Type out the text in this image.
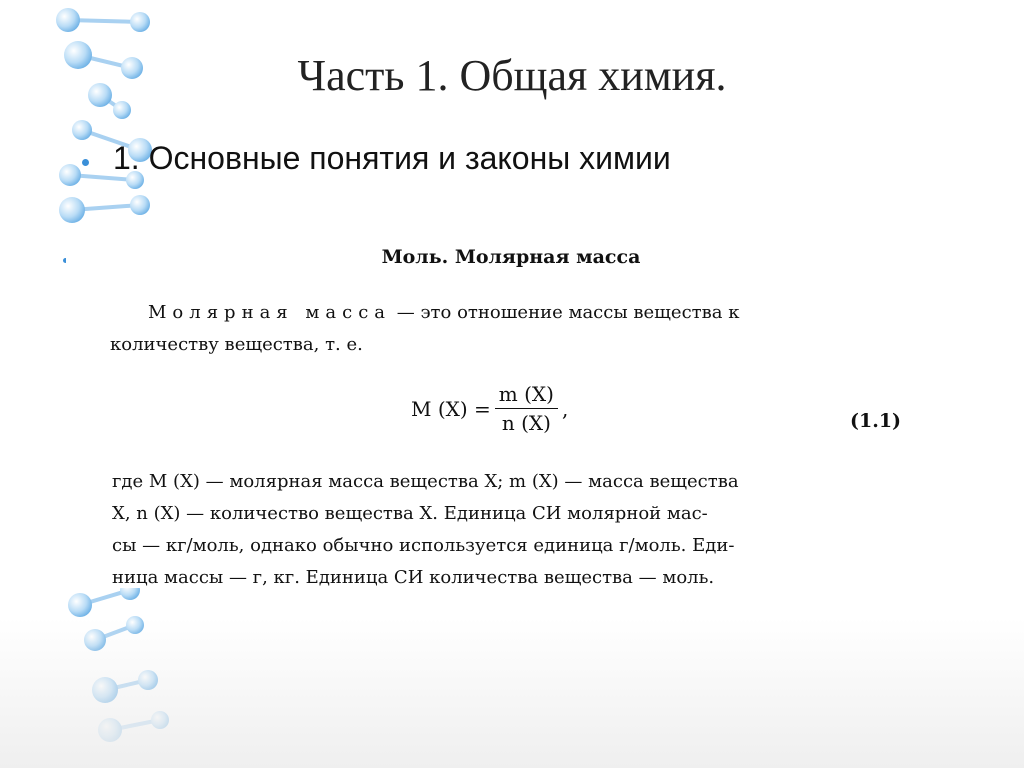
Часть 1. Общая химия.
1. Основные понятия и законы химии
Моль. Молярная масса
Молярная масса — это отношение массы вещества к
количеству вещества, т. е.
M $(X) = \frac{m (X)}{n (X)}$ ,
(1.1)
где M (X) — молярная масса вещества X; m (X) — масса вещества
X, n (X) — количество вещества X. Единица СИ молярной мас-
сы — кг/моль, однако обычно используется единица г/моль. Еди-
ница массы — г, кг. Единица СИ количества вещества — моль.
